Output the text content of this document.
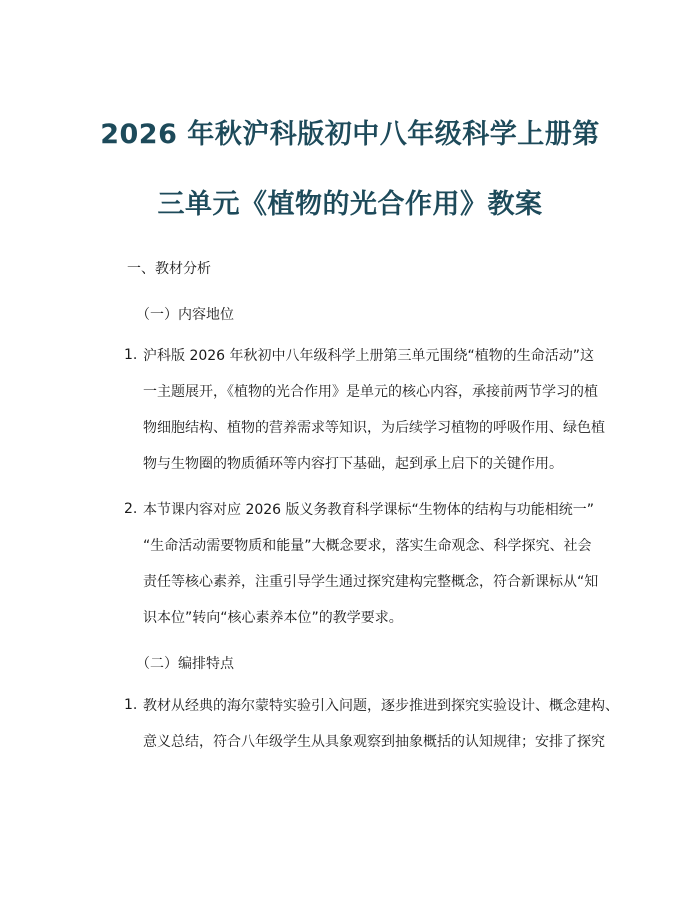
2026 年秋沪科版初中八年级科学上册第
三单元《植物的光合作用》教案
一、教材分析
（一）内容地位
1. 沪科版 2026 年秋初中八年级科学上册第三单元围绕“植物的生命活动”这
一主题展开，《植物的光合作用》是单元的核心内容，承接前两节学习的植
物细胞结构、植物的营养需求等知识，为后续学习植物的呼吸作用、绿色植
物与生物圈的物质循环等内容打下基础，起到承上启下的关键作用。
2. 本节课内容对应 2026 版义务教育科学课标“生物体的结构与功能相统一”
“生命活动需要物质和能量”大概念要求，落实生命观念、科学探究、社会
责任等核心素养，注重引导学生通过探究建构完整概念，符合新课标从“知
识本位”转向“核心素养本位”的教学要求。
（二）编排特点
1. 教材从经典的海尔蒙特实验引入问题，逐步推进到探究实验设计、概念建构、
意义总结，符合八年级学生从具象观察到抽象概括的认知规律；安排了探究
